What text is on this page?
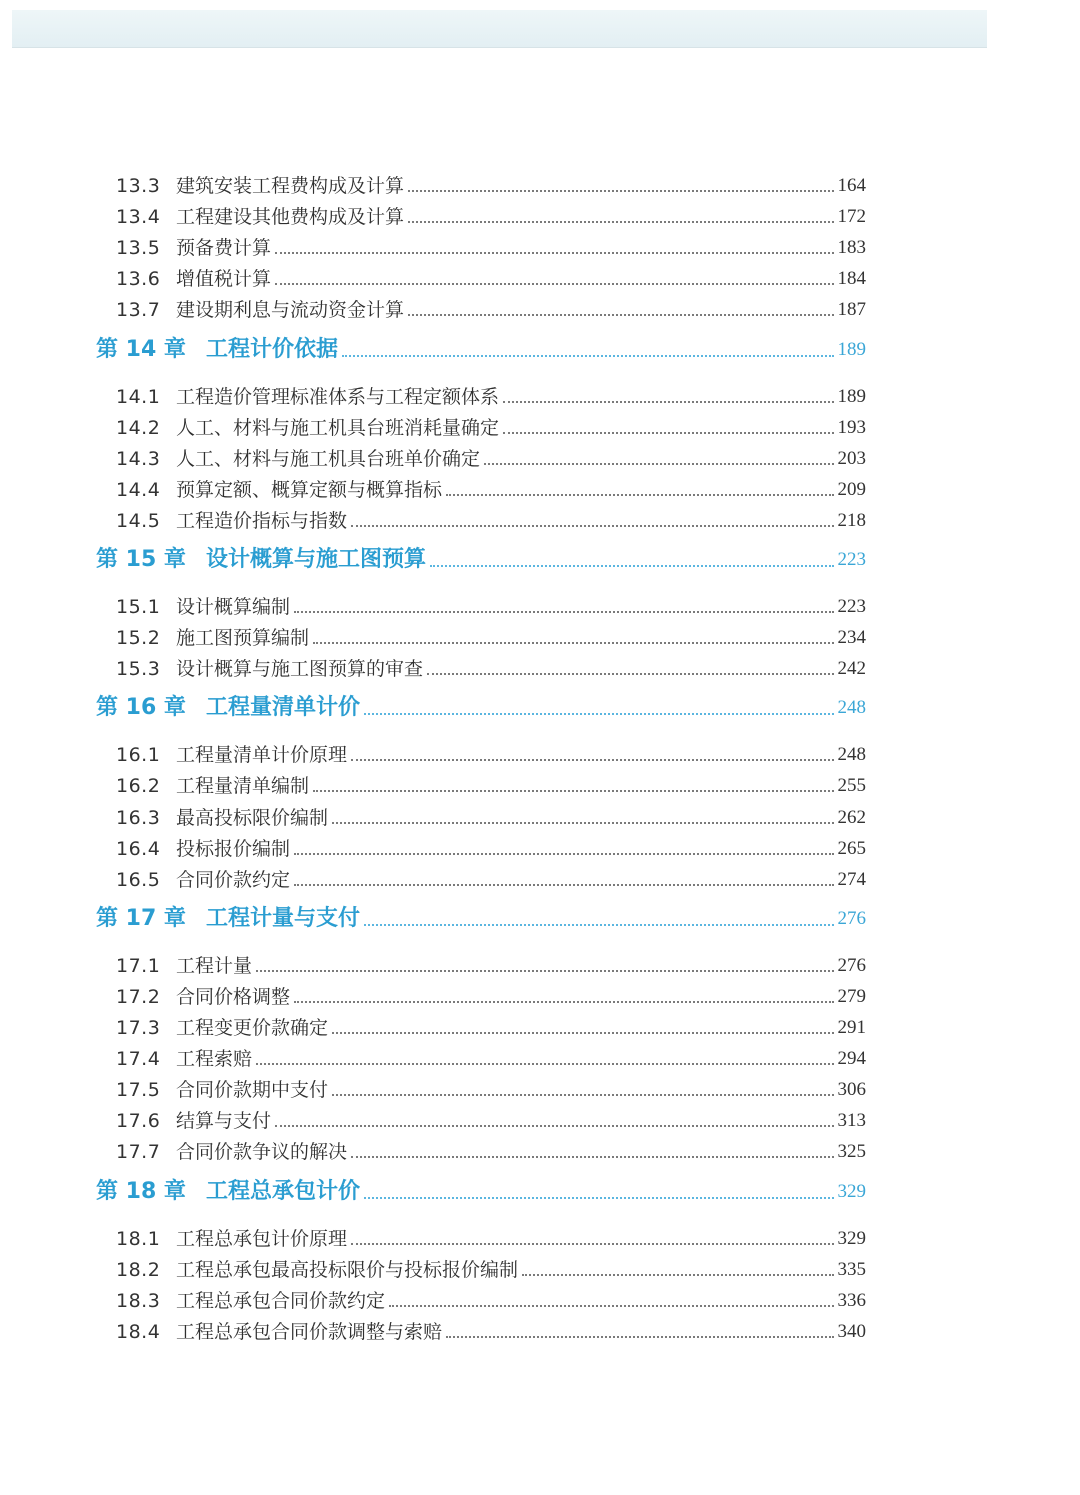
13.3 建筑安装工程费构成及计算	164
13.4 工程建设其他费构成及计算	172
13.5 预备费计算	183
13.6 增值税计算	184
13.7 建设期利息与流动资金计算	187
第 14 章 工程计价依据	189
14.1 工程造价管理标准体系与工程定额体系	189
14.2 人工、材料与施工机具台班消耗量确定	193
14.3 人工、材料与施工机具台班单价确定	203
14.4 预算定额、概算定额与概算指标	209
14.5 工程造价指标与指数	218
第 15 章 设计概算与施工图预算	223
15.1 设计概算编制	223
15.2 施工图预算编制	234
15.3 设计概算与施工图预算的审查	242
第 16 章 工程量清单计价	248
16.1 工程量清单计价原理	248
16.2 工程量清单编制	255
16.3 最高投标限价编制	262
16.4 投标报价编制	265
16.5 合同价款约定	274
第 17 章 工程计量与支付	276
17.1 工程计量	276
17.2 合同价格调整	279
17.3 工程变更价款确定	291
17.4 工程索赔	294
17.5 合同价款期中支付	306
17.6 结算与支付	313
17.7 合同价款争议的解决	325
第 18 章 工程总承包计价	329
18.1 工程总承包计价原理	329
18.2 工程总承包最高投标限价与投标报价编制	335
18.3 工程总承包合同价款约定	336
18.4 工程总承包合同价款调整与索赔	340
